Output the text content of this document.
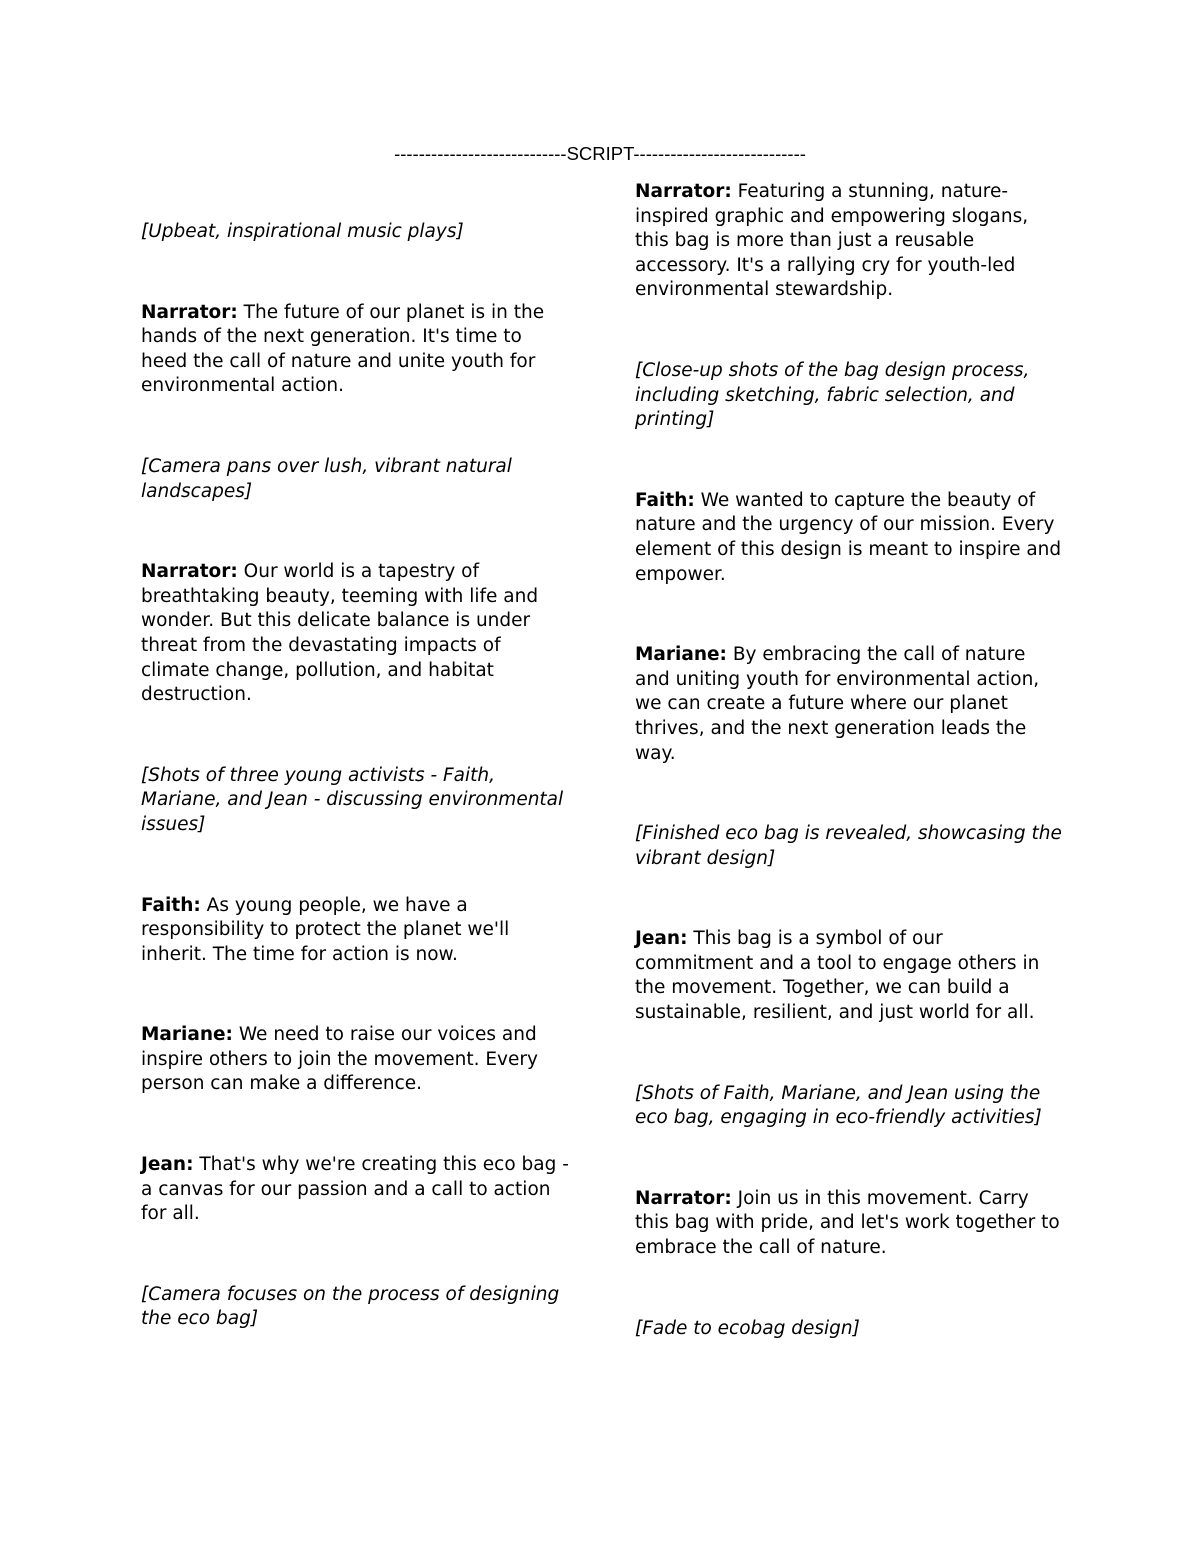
----------------------------SCRIPT----------------------------

[Upbeat, inspirational music plays]

Narrator: The future of our planet is in the hands of the next generation. It's time to heed the call of nature and unite youth for environmental action.

[Camera pans over lush, vibrant natural landscapes]

Narrator: Our world is a tapestry of breathtaking beauty, teeming with life and wonder. But this delicate balance is under threat from the devastating impacts of climate change, pollution, and habitat destruction.

[Shots of three young activists - Faith, Mariane, and Jean - discussing environmental issues]

Faith: As young people, we have a responsibility to protect the planet we'll inherit. The time for action is now.

Mariane: We need to raise our voices and inspire others to join the movement. Every person can make a difference.

Jean: That's why we're creating this eco bag - a canvas for our passion and a call to action for all.

[Camera focuses on the process of designing the eco bag]

Narrator: Featuring a stunning, nature-inspired graphic and empowering slogans, this bag is more than just a reusable accessory. It's a rallying cry for youth-led environmental stewardship.

[Close-up shots of the bag design process, including sketching, fabric selection, and printing]

Faith: We wanted to capture the beauty of nature and the urgency of our mission. Every element of this design is meant to inspire and empower.

Mariane: By embracing the call of nature and uniting youth for environmental action, we can create a future where our planet thrives, and the next generation leads the way.

[Finished eco bag is revealed, showcasing the vibrant design]

Jean: This bag is a symbol of our commitment and a tool to engage others in the movement. Together, we can build a sustainable, resilient, and just world for all.

[Shots of Faith, Mariane, and Jean using the eco bag, engaging in eco-friendly activities]

Narrator: Join us in this movement. Carry this bag with pride, and let's work together to embrace the call of nature.

[Fade to ecobag design]
